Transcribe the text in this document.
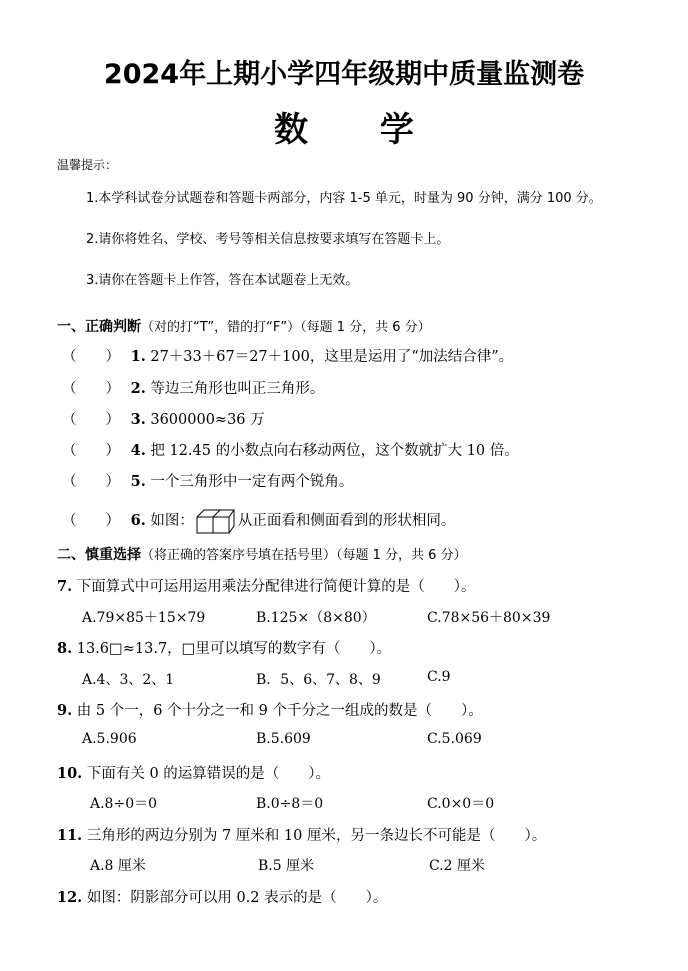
2024年上期小学四年级期中质量监测卷
数 学
温馨提示：
1.本学科试卷分试题卷和答题卡两部分，内容 1-5 单元，时量为 90 分钟，满分 100 分。
2.请你将姓名、学校、考号等相关信息按要求填写在答题卡上。
3.请你在答题卡上作答，答在本试题卷上无效。
一、正确判断（对的打“T”，错的打“F”）（每题 1 分，共 6 分）
（　　） 1. 27＋33＋67＝27＋100，这里是运用了“加法结合律”。
（　　） 2. 等边三角形也叫正三角形。
（　　） 3. 3600000≈36 万
（　　） 4. 把 12.45 的小数点向右移动两位，这个数就扩大 10 倍。
（　　） 5. 一个三角形中一定有两个锐角。
（　　） 6. 如图：	从正面看和侧面看到的形状相同。
二、慎重选择（将正确的答案序号填在括号里）（每题 1 分，共 6 分）
7. 下面算式中可运用运用乘法分配律进行简便计算的是（　　）。
A.79×85＋15×79	B.125×（8×80）	C.78×56＋80×39
8. 13.6□≈13.7，□里可以填写的数字有（　　）。
A.4、3、2、1	B．5、6、7、8、9	C.9
9. 由 5 个一，6 个十分之一和 9 个千分之一组成的数是（　　）。
A.5.906	B.5.609	C.5.069
10. 下面有关 0 的运算错误的是（　　）。
A.8÷0＝0	B.0÷8＝0	C.0×0＝0
11. 三角形的两边分别为 7 厘米和 10 厘米，另一条边长不可能是（　　）。
A.8 厘米	B.5 厘米	C.2 厘米
12. 如图：阴影部分可以用 0.2 表示的是（　　）。
